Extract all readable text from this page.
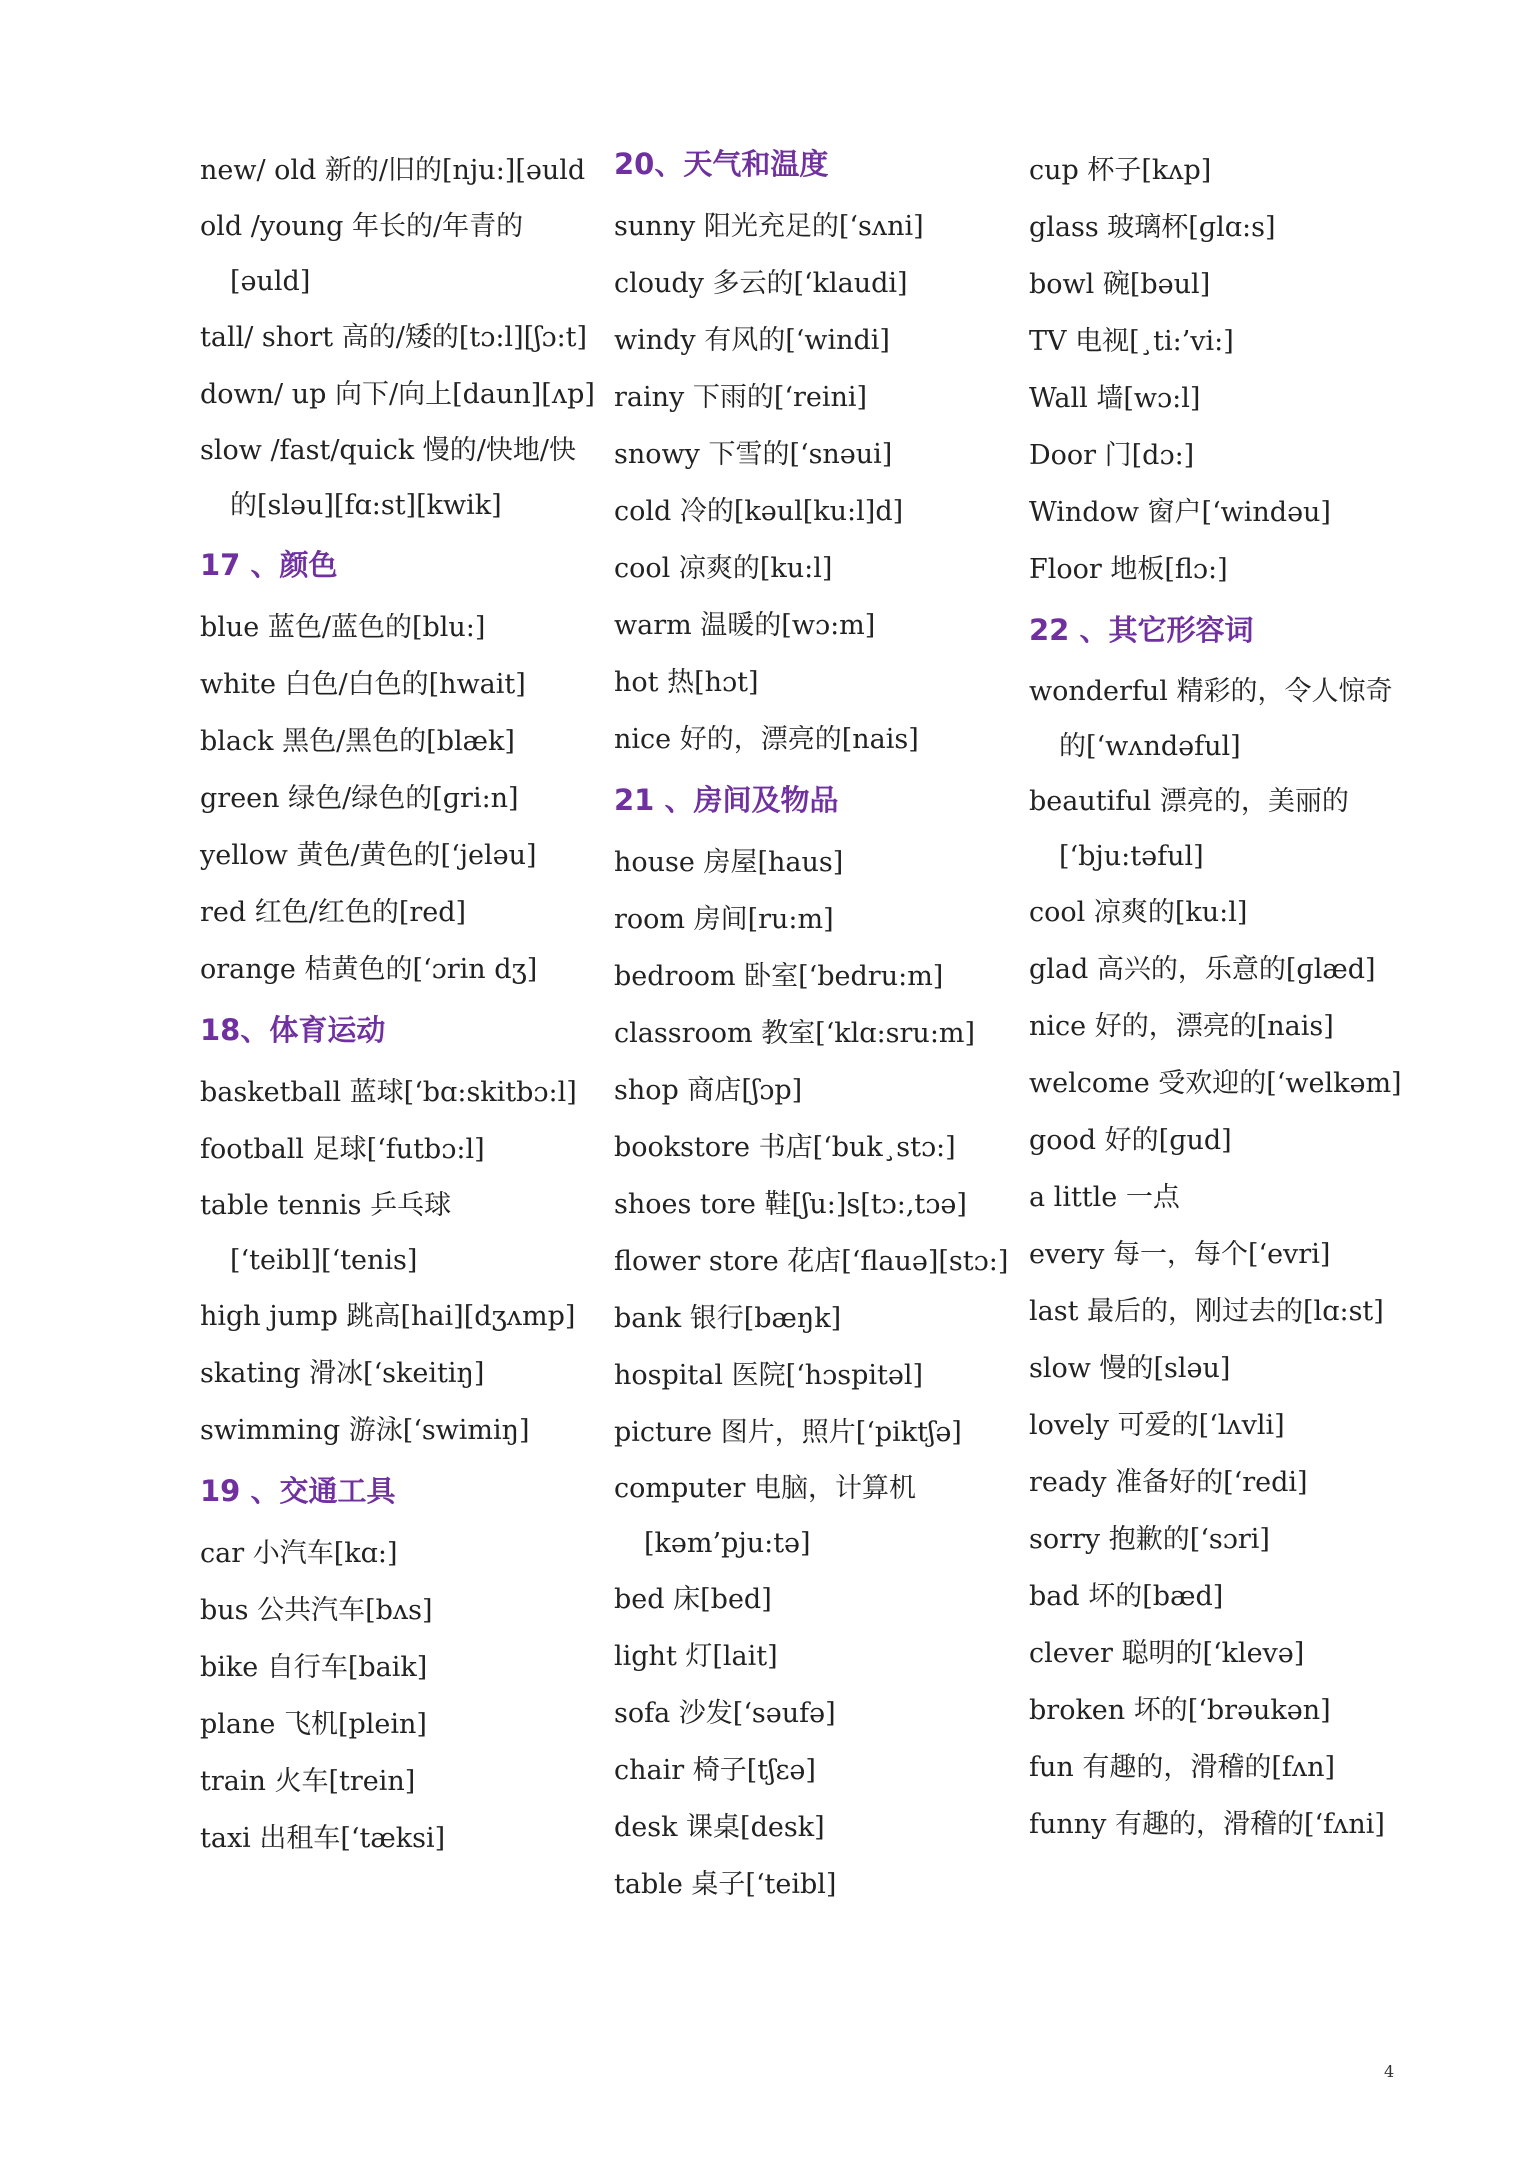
new/ old 新的/旧的[nju:][əuld
old /young 年长的/年青的
[əuld]
tall/ short 高的/矮的[tɔ:l][ʃɔ:t]
down/ up 向下/向上[daun][ʌp]
slow /fast/quick 慢的/快地/快
的[sləu][fɑ:st][kwik]
17 、颜色
blue 蓝色/蓝色的[blu:]
white 白色/白色的[hwait]
black 黑色/黑色的[blæk]
green 绿色/绿色的[ɡri:n]
yellow 黄色/黄色的[‘jeləu]
red 红色/红色的[red]
orange 桔黄色的[‘ɔrin dʒ]
18、体育运动
basketball 蓝球[‘bɑ:skitbɔ:l]
football 足球[‘futbɔ:l]
table tennis 乒乓球
[‘teibl][‘tenis]
high jump 跳高[hai][dʒʌmp]
skating 滑冰[‘skeitiŋ]
swimming 游泳[‘swimiŋ]
19 、交通工具
car 小汽车[kɑ:]
bus 公共汽车[bʌs]
bike 自行车[baik]
plane 飞机[plein]
train 火车[trein]
taxi 出租车[‘tæksi]
20、天气和温度
sunny 阳光充足的[‘sʌni]
cloudy 多云的[‘klaudi]
windy 有风的[‘windi]
rainy 下雨的[‘reini]
snowy 下雪的[‘snəui]
cold 冷的[kəul[ku:l]d]
cool 凉爽的[ku:l]
warm 温暖的[wɔ:m]
hot 热[hɔt]
nice 好的，漂亮的[nais]
21 、房间及物品
house 房屋[haus]
room 房间[ru:m]
bedroom 卧室[‘bedru:m]
classroom 教室[‘klɑ:sru:m]
shop 商店[ʃɔp]
bookstore 书店[‘buk¸stɔ:]
shoes tore 鞋[ʃu:]s[tɔ:,tɔə]
flower store 花店[‘flauə][stɔ:]
bank 银行[bæŋk]
hospital 医院[‘hɔspitəl]
picture 图片，照片[‘piktʃə]
computer 电脑，计算机
[kəm’pju:tə]
bed 床[bed]
light 灯[lait]
sofa 沙发[‘səufə]
chair 椅子[tʃεə]
desk 课桌[desk]
table 桌子[‘teibl]
cup 杯子[kʌp]
glass 玻璃杯[ɡlɑ:s]
bowl 碗[bəul]
TV 电视[¸ti:’vi:]
Wall 墙[wɔ:l]
Door 门[dɔ:]
Window 窗户[‘windəu]
Floor 地板[flɔ:]
22 、其它形容词
wonderful 精彩的，令人惊奇
的[‘wʌndəful]
beautiful 漂亮的，美丽的
[‘bju:təful]
cool 凉爽的[ku:l]
glad 高兴的，乐意的[ɡlæd]
nice 好的，漂亮的[nais]
welcome 受欢迎的[‘welkəm]
good 好的[ɡud]
a little 一点
every 每一，每个[‘evri]
last 最后的，刚过去的[lɑ:st]
slow 慢的[sləu]
lovely 可爱的[‘lʌvli]
ready 准备好的[‘redi]
sorry 抱歉的[‘sɔri]
bad 坏的[bæd]
clever 聪明的[‘klevə]
broken 坏的[‘brəukən]
fun 有趣的，滑稽的[fʌn]
funny 有趣的，滑稽的[‘fʌni]
4
